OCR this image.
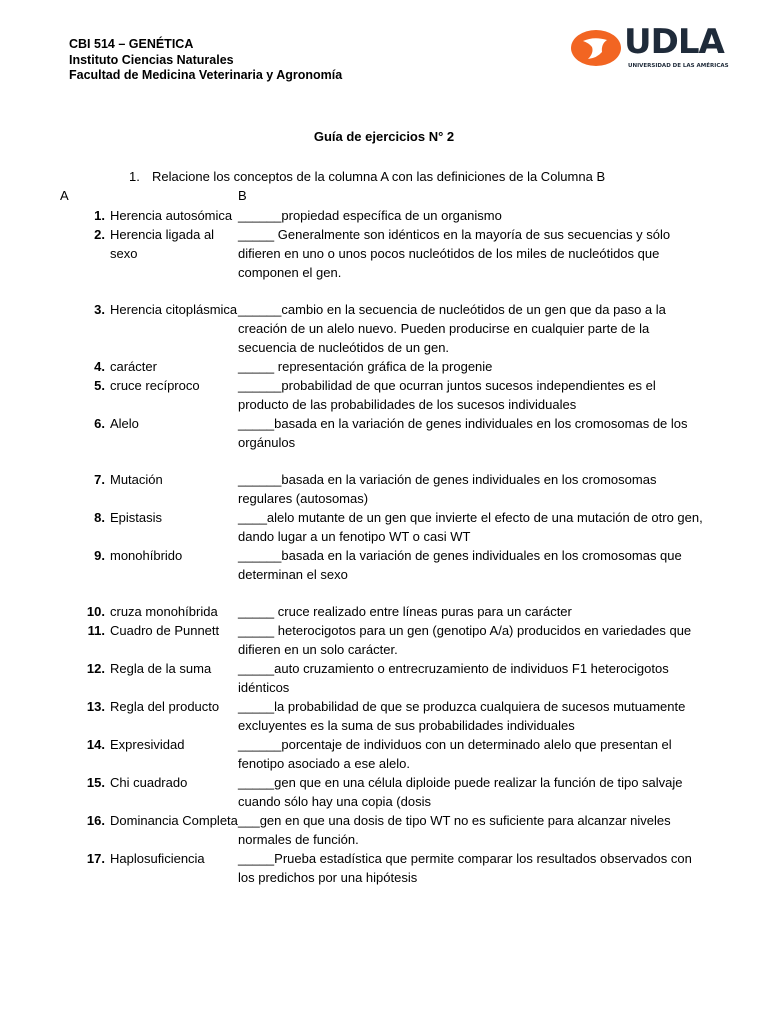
CBI 514 – GENÉTICA
Instituto Ciencias Naturales
Facultad de Medicina Veterinaria y Agronomía
UDLA
UNIVERSIDAD DE LAS AMÉRICAS
Guía de ejercicios N° 2
1. Relacione los conceptos de la columna A con las definiciones de la Columna B
A	B
1. Herencia autosómica ______propiedad específica de un organismo
2. Herencia ligada al sexo
_____ Generalmente son idénticos en la mayoría de sus secuencias y sólo difieren en uno o unos pocos nucleótidos de los miles de nucleótidos que componen el gen.
3. Herencia citoplásmica ______cambio en la secuencia de nucleótidos de un gen que da paso a la creación de un alelo nuevo. Pueden producirse en cualquier parte de la secuencia de nucleótidos de un gen.
4. carácter	_____ representación gráfica de la progenie
5. cruce recíproco	______probabilidad de que ocurran juntos sucesos independientes es el producto de las probabilidades de los sucesos individuales
6. Alelo	_____basada en la variación de genes individuales en los cromosomas de los orgánulos
7. Mutación	______basada en la variación de genes individuales en los cromosomas regulares (autosomas)
8. Epistasis	____alelo mutante de un gen que invierte el efecto de una mutación de otro gen, dando lugar a un fenotipo WT o casi WT
9. monohíbrido	______basada en la variación de genes individuales en los cromosomas que determinan el sexo
10. cruza monohíbrida	_____ cruce realizado entre líneas puras para un carácter
11. Cuadro de Punnett	_____ heterocigotos para un gen (genotipo A/a) producidos en variedades que difieren en un solo carácter.
12. Regla de la suma	_____auto cruzamiento o entrecruzamiento de individuos F1 heterocigotos idénticos
13. Regla del producto	_____la probabilidad de que se produzca cualquiera de sucesos mutuamente excluyentes es la suma de sus probabilidades individuales
14. Expresividad	______porcentaje de individuos con un determinado alelo que presentan el fenotipo asociado a ese alelo.
15. Chi cuadrado	_____gen que en una célula diploide puede realizar la función de tipo salvaje cuando sólo hay una copia (dosis
16. Dominancia Completa ___gen en que una dosis de tipo WT no es suficiente para alcanzar niveles normales de función.
17. Haplosuficiencia	_____Prueba estadística que permite comparar los resultados observados con los predichos por una hipótesis
